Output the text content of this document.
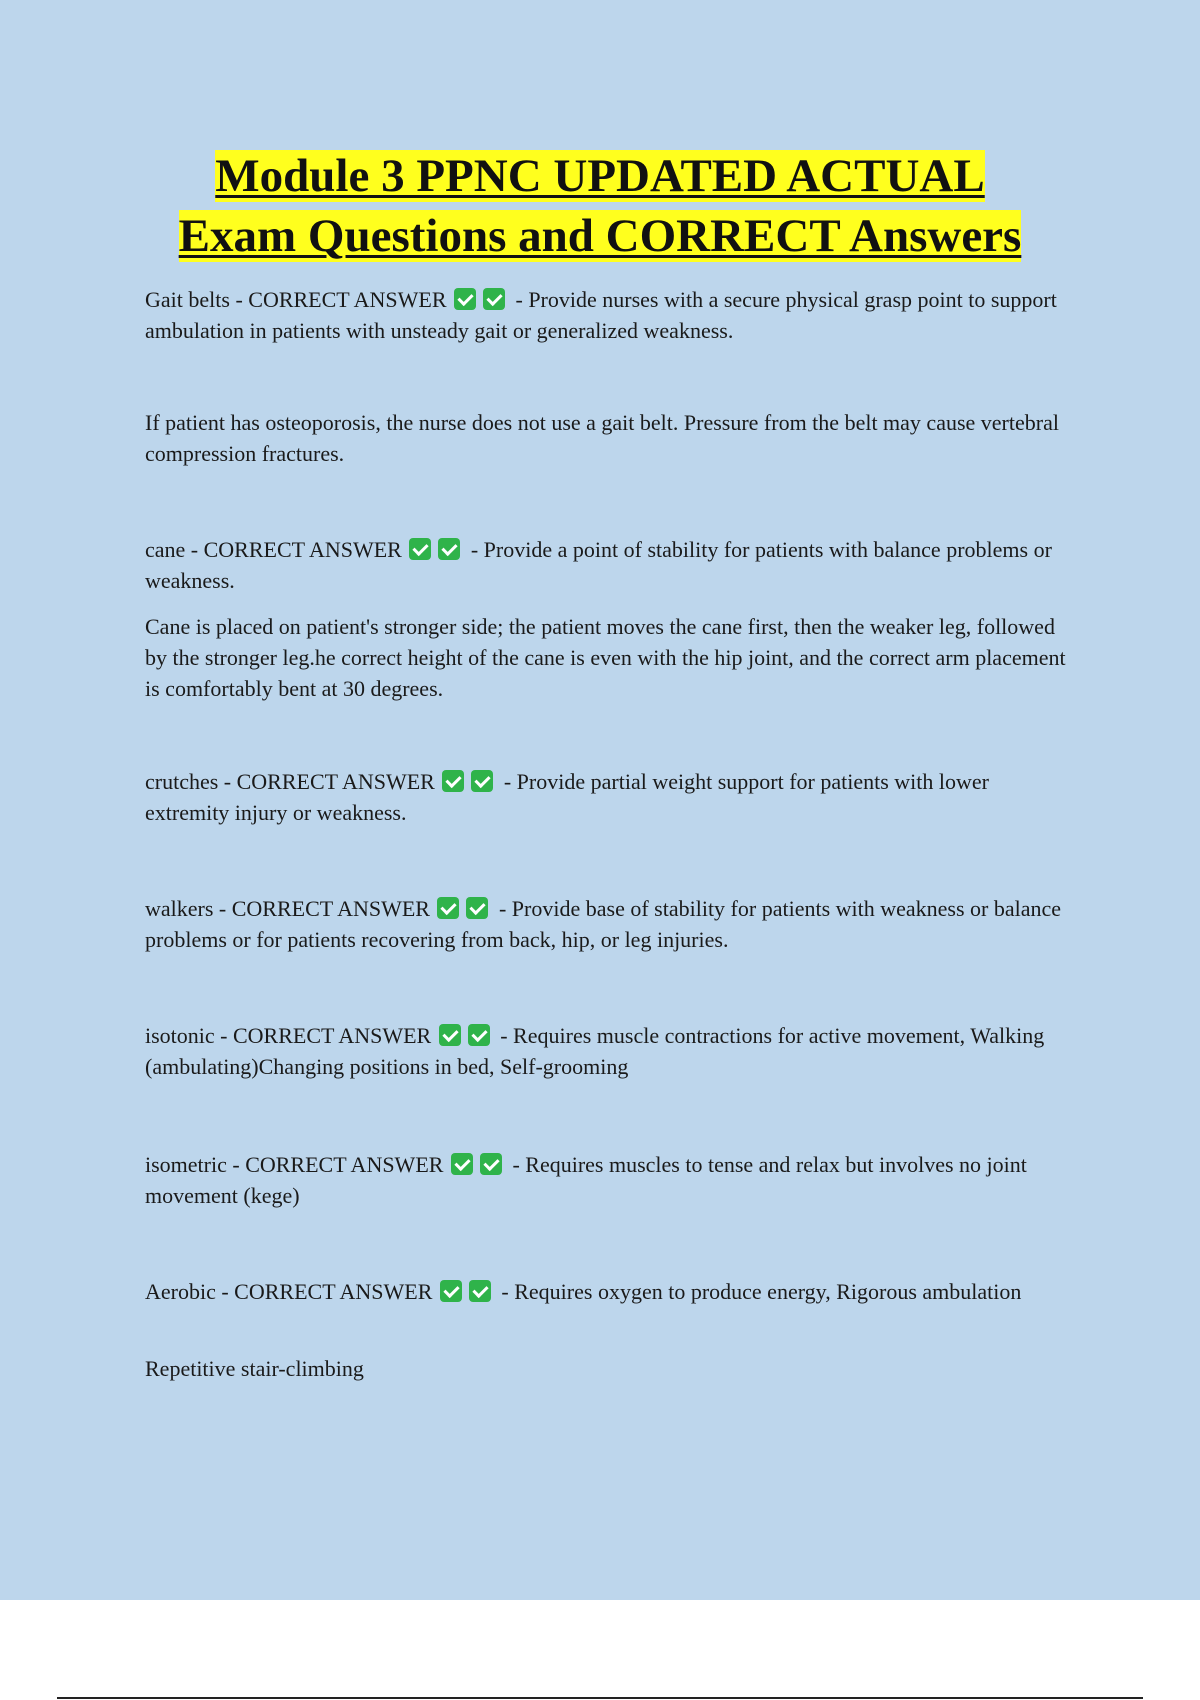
Module 3 PPNC UPDATED ACTUAL
Exam Questions and CORRECT Answers

Gait belts - CORRECT ANSWER	- Provide nurses with a secure physical grasp point to support ambulation in patients with unsteady gait or generalized weakness.

If patient has osteoporosis, the nurse does not use a gait belt. Pressure from the belt may cause vertebral compression fractures.

cane - CORRECT ANSWER	- Provide a point of stability for patients with balance problems or weakness.

Cane is placed on patient's stronger side; the patient moves the cane first, then the weaker leg, followed by the stronger leg.he correct height of the cane is even with the hip joint, and the correct arm placement is comfortably bent at 30 degrees.

crutches - CORRECT ANSWER	- Provide partial weight support for patients with lower extremity injury or weakness.

walkers - CORRECT ANSWER	- Provide base of stability for patients with weakness or balance problems or for patients recovering from back, hip, or leg injuries.

isotonic - CORRECT ANSWER	- Requires muscle contractions for active movement, Walking (ambulating)Changing positions in bed, Self-grooming

isometric - CORRECT ANSWER	- Requires muscles to tense and relax but involves no joint movement (kege)

Aerobic - CORRECT ANSWER	- Requires oxygen to produce energy, Rigorous ambulation

Repetitive stair-climbing
